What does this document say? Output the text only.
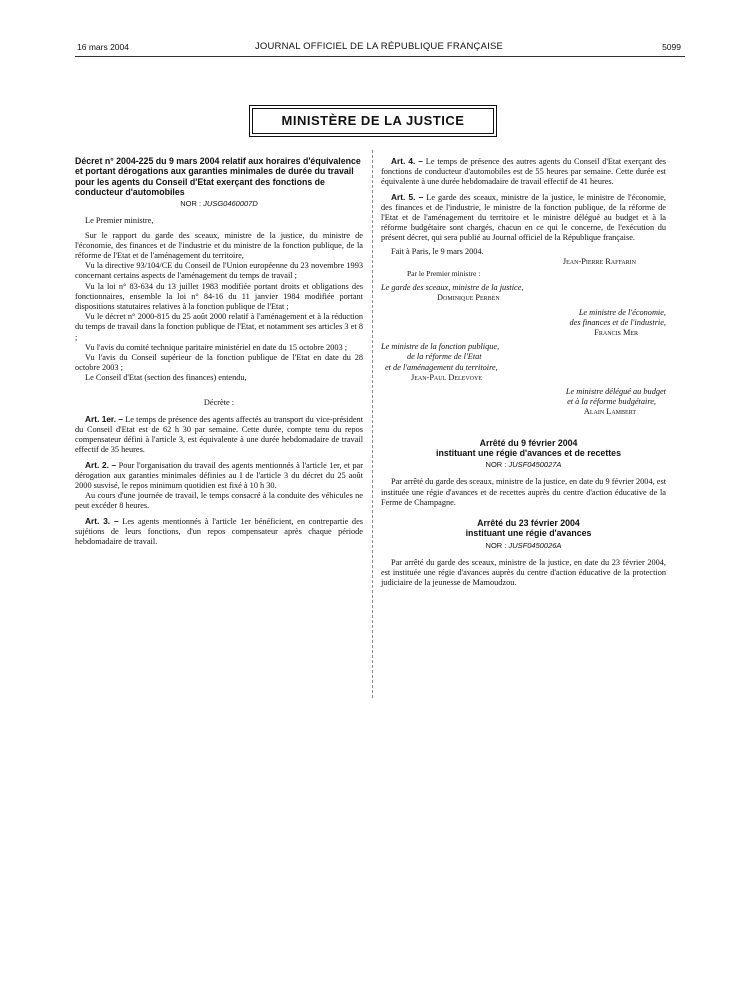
16 mars 2004	JOURNAL OFFICIEL DE LA RÉPUBLIQUE FRANÇAISE	5099
MINISTÈRE DE LA JUSTICE
Décret n° 2004-225 du 9 mars 2004 relatif aux horaires d'équivalence et portant dérogations aux garanties minimales de durée du travail pour les agents du Conseil d'Etat exerçant des fonctions de conducteur d'automobiles
NOR : JUSG0460007D

Le Premier ministre,

Sur le rapport du garde des sceaux, ministre de la justice, du ministre de l'économie, des finances et de l'industrie et du ministre de la fonction publique, de la réforme de l'Etat et de l'aménagement du territoire,

Vu la directive 93/104/CE du Conseil de l'Union européenne du 23 novembre 1993 concernant certains aspects de l'aménagement du temps de travail ;

Vu la loi n° 83-634 du 13 juillet 1983 modifiée portant droits et obligations des fonctionnaires, ensemble la loi n° 84-16 du 11 janvier 1984 modifiée portant dispositions statutaires relatives à la fonction publique de l'Etat ;

Vu le décret n° 2000-815 du 25 août 2000 relatif à l'aménagement et à la réduction du temps de travail dans la fonction publique de l'Etat, et notamment ses articles 3 et 8 ;

Vu l'avis du comité technique paritaire ministériel en date du 15 octobre 2003 ;

Vu l'avis du Conseil supérieur de la fonction publique de l'Etat en date du 28 octobre 2003 ;

Le Conseil d'Etat (section des finances) entendu,

Décrète :

Art. 1er. – Le temps de présence des agents affectés au transport du vice-président du Conseil d'Etat est de 62 h 30 par semaine. Cette durée, compte tenu du repos compensateur défini à l'article 3, est équivalente à une durée hebdomadaire de travail effectif de 35 heures.

Art. 2. – Pour l'organisation du travail des agents mentionnés à l'article 1er, et par dérogation aux garanties minimales définies au I de l'article 3 du décret du 25 août 2000 susvisé, le repos minimum quotidien est fixé à 10 h 30.

Au cours d'une journée de travail, le temps consacré à la conduite des véhicules ne peut excéder 8 heures.

Art. 3. – Les agents mentionnés à l'article 1er bénéficient, en contrepartie des sujétions de leurs fonctions, d'un repos compensateur après chaque période hebdomadaire de travail.

Art. 4. – Le temps de présence des autres agents du Conseil d'Etat exerçant des fonctions de conducteur d'automobiles est de 55 heures par semaine. Cette durée est équivalente à une durée hebdomadaire de travail effectif de 41 heures.

Art. 5. – Le garde des sceaux, ministre de la justice, le ministre de l'économie, des finances et de l'industrie, le ministre de la fonction publique, de la réforme de l'Etat et de l'aménagement du territoire et le ministre délégué au budget et à la réforme budgétaire sont chargés, chacun en ce qui le concerne, de l'exécution du présent décret, qui sera publié au Journal officiel de la République française.

Fait à Paris, le 9 mars 2004.

Jean-Pierre Raffarin

Par le Premier ministre :

Le garde des sceaux, ministre de la justice,

Dominique Perben

Le ministre de l'économie,

des finances et de l'industrie,

Francis Mer

Le ministre de la fonction publique,

de la réforme de l'Etat

et de l'aménagement du territoire,

Jean-Paul Delevoye

Le ministre délégué au budget

et à la réforme budgétaire,

Alain Lambert

Arrêté du 9 février 2004

instituant une régie d'avances et de recettes

NOR : JUSF0450027A

Par arrêté du garde des sceaux, ministre de la justice, en date du 9 février 2004, est instituée une régie d'avances et de recettes auprès du centre d'action éducative de la Ferme de Champagne.

Arrêté du 23 février 2004

instituant une régie d'avances

NOR : JUSF0450026A

Par arrêté du garde des sceaux, ministre de la justice, en date du 23 février 2004, est instituée une régie d'avances auprès du centre d'action éducative de la protection judiciaire de la jeunesse de Mamoudzou.
